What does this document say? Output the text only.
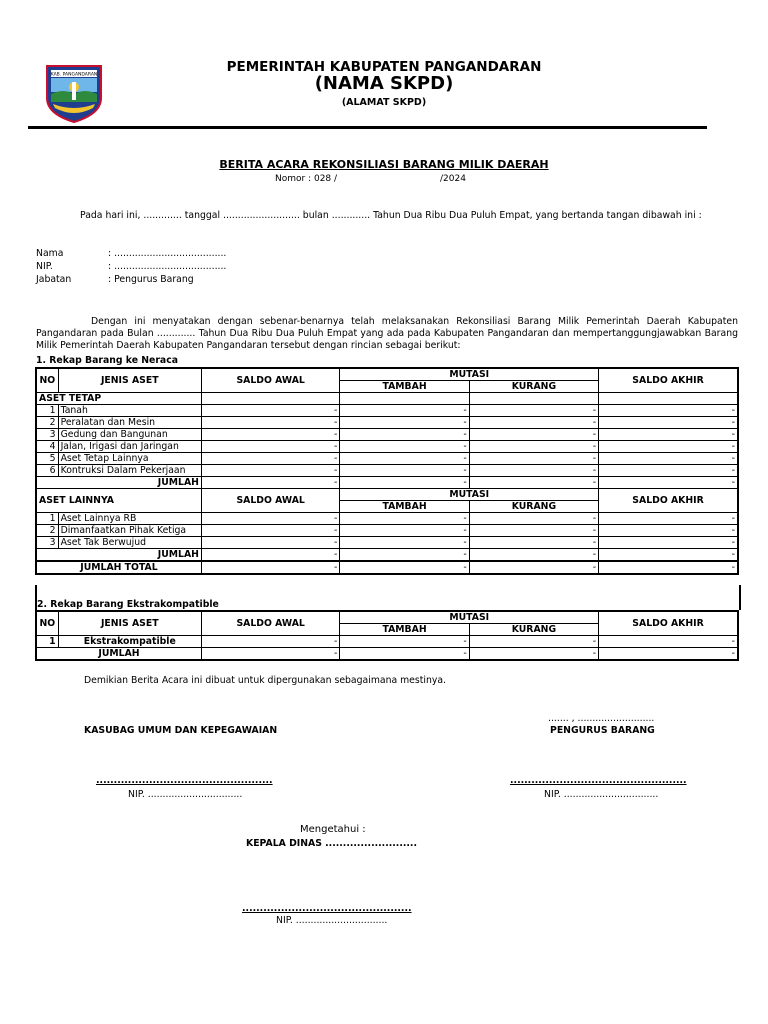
KAB. PANGANDARAN	PEMERINTAH KABUPATEN PANGANDARAN
(NAMA SKPD)
(ALAMAT SKPD)
BERITA ACARA REKONSILIASI BARANG MILIK DAERAH
Nomor : 028 /                                    /2024
Pada hari ini, ............. tanggal .......................... bulan ............. Tahun Dua Ribu Dua Puluh Empat, yang bertanda tangan dibawah ini :
Nama	: ......................................
NIP.	: ......................................
Jabatan	: Pengurus Barang
Dengan ini menyatakan dengan sebenar-benarnya telah melaksanakan Rekonsiliasi Barang Milik Pemerintah Daerah Kabupaten Pangandaran pada Bulan ............. Tahun Dua Ribu Dua Puluh Empat yang ada pada Kabupaten Pangandaran dan mempertanggungjawabkan Barang Milik Pemerintah Daerah Kabupaten Pangandaran tersebut dengan rincian sebagai berikut:
1. Rekap Barang ke Neraca
NO	JENIS ASET	SALDO AWAL	MUTASI		SALDO AKHIR
			TAMBAH	KURANG	
ASET TETAP					
1	Tanah	-	-	-	-
2	Peralatan dan Mesin	-	-	-	-
3	Gedung dan Bangunan	-	-	-	-
4	Jalan, Irigasi dan Jaringan	-	-	-	-
5	Aset Tetap Lainnya	-	-	-	-
6	Kontruksi Dalam Pekerjaan	-	-	-	-
JUMLAH		-	-	-	-
ASET LAINNYA		SALDO AWAL	MUTASI		SALDO AKHIR
			TAMBAH	KURANG	
1	Aset Lainnya RB	-	-	-	-
2	Dimanfaatkan Pihak Ketiga	-	-	-	-
3	Aset Tak Berwujud	-	-	-	-
JUMLAH		-	-	-	-
JUMLAH TOTAL		-	-	-	-
2. Rekap Barang Ekstrakompatible
NO	JENIS ASET	SALDO AWAL	MUTASI		SALDO AKHIR
			TAMBAH	KURANG	
1	Ekstrakompatible	-	-	-	-
JUMLAH		-	-	-	-
Demikian Berita Acara ini dibuat untuk dipergunakan sebagaimana mestinya.
....... , ..........................
KASUBAG UMUM DAN KEPEGAWAIAN	PENGURUS BARANG
..................................................	..................................................
NIP. ................................	NIP. ................................
Mengetahui :
KEPALA DINAS ..........................
................................................
NIP. ...............................
